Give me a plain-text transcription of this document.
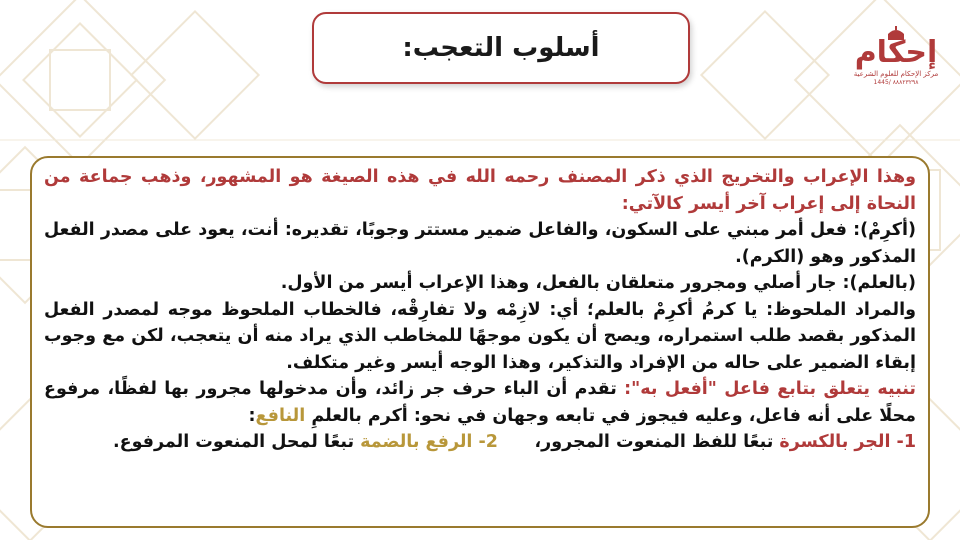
أسلوب التعجب:	إحكام
مركز الإحكام للعلوم الشرعية
1445/ ٨٨٨٢٣٢٩٨

وهذا الإعراب والتخريج الذي ذكر المصنف رحمه الله في هذه الصيغة هو المشهور، وذهب جماعة من النحاة إلى إعراب آخر أيسر كالآتي:

(أكرِمْ): فعل أمر مبني على السكون، والفاعل ضمير مستتر وجوبًا، تقديره: أنت، يعود على مصدر الفعل المذكور وهو (الكرم).

(بالعلم): جار أصلي ومجرور متعلقان بالفعل، وهذا الإعراب أيسر من الأول.

والمراد الملحوظ: يا كرمُ أكرِمْ بالعلم؛ أي: لازِمْه ولا تفارِقْه، فالخطاب الملحوظ موجه لمصدر الفعل المذكور بقصد طلب استمراره، ويصح أن يكون موجهًا للمخاطب الذي يراد منه أن يتعجب، لكن مع وجوب إبقاء الضمير على حاله من الإفراد والتذكير، وهذا الوجه أيسر وغير متكلف.

تنبيه يتعلق بتابع فاعل "أفعل به": تقدم أن الباء حرف جر زائد، وأن مدخولها مجرور بها لفظًا، مرفوع محلًا على أنه فاعل، وعليه فيجوز في تابعه وجهان في نحو: أكرم بالعلمِ النافع:

1- الجر بالكسرة تبعًا للفظ المنعوت المجرور،      2- الرفع بالضمة تبعًا لمحل المنعوت المرفوع.
